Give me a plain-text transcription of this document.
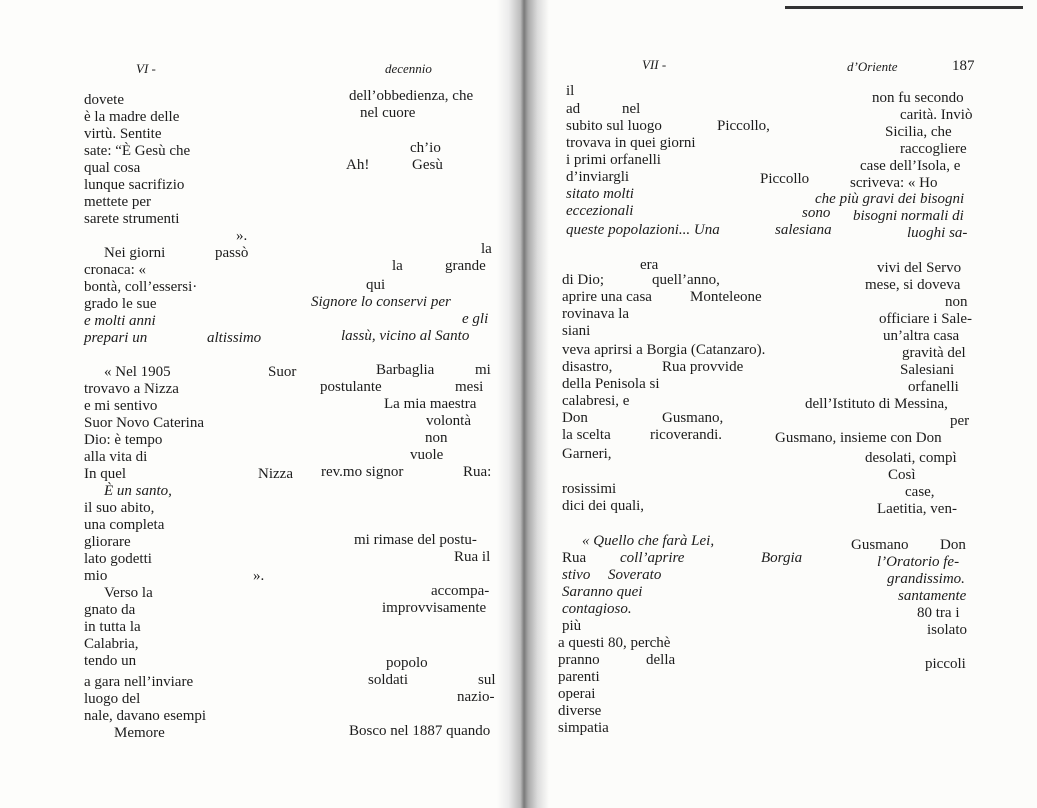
VI -	decennio
dovete
è la madre delle
virtù. Sentite
sate: “È Gesù che
qual cosa
lunque sacrifizio
mettete per
sarete strumenti
Nei giorni
cronaca: «
bontà, coll’essersi·
grado le sue
e molti anni
prepari un
« Nel 1905
trovavo a Nizza
e mi sentivo
Suor Novo Caterina
Dio: è tempo
alla vita di
In quel
È un santo,
il suo abito,
una completa
gliorare
lato godetti
mio
Verso la
gnato da
in tutta la
Calabria,
tendo un
a gara nell’inviare
luogo del
nale, davano esempi
Memore
».
passò
altissimo
Suor
Nizza
».
dell’obbedienza, che
nel cuore
ch’io
Ah!	Gesù
la
la	grande
qui
Signore lo conservi per
e gli
lassù, vicino al Santo
Barbaglia	mi
postulante	mesi
La mia maestra
volontà
non
vuole
rev.mo signor	Rua:
mi rimase del postu-
Rua il
accompa-
improvvisamente
popolo
soldati	sul
nazio-
Bosco nel 1887 quando
VII -	d’Oriente	187
il
ad	nel
subito sul luogo	Piccollo,
trovava in quei giorni
i primi orfanelli
d’inviargli	Piccollo
sitato molti
eccezionali
queste popolazioni... Una
era
di Dio;	quell’anno,
aprire una casa	Monteleone
rovinava la
siani
veva aprirsi a Borgia (Catanzaro).
disastro,	Rua provvide
della Penisola si
calabresi, e
Don	Gusmano,
la scelta	ricoverandi.
Garneri,
rosissimi
dici dei quali,
« Quello che farà Lei,
Rua coll’aprire
stivo Soverato
Saranno quei
contagioso.
più
a questi 80, perchè
pranno	della
parenti
operai
diverse
simpatia
salesiana
sono
Borgia
non fu secondo
carità. Inviò
Sicilia, che
raccogliere
case dell’Isola, e
scriveva: « Ho
che più gravi dei bisogni
bisogni normali di
luoghi sa-
vivi del Servo
mese, si doveva
non
officiare i Sale-
un’altra casa
gravità del
Salesiani
orfanelli
dell’Istituto di Messina,
per
Gusmano, insieme con Don
desolati, compì
Così
case,
Laetitia, ven-
Gusmano Don
l’Oratorio fe-
grandissimo.
santamente
80 tra i
isolato
piccoli
